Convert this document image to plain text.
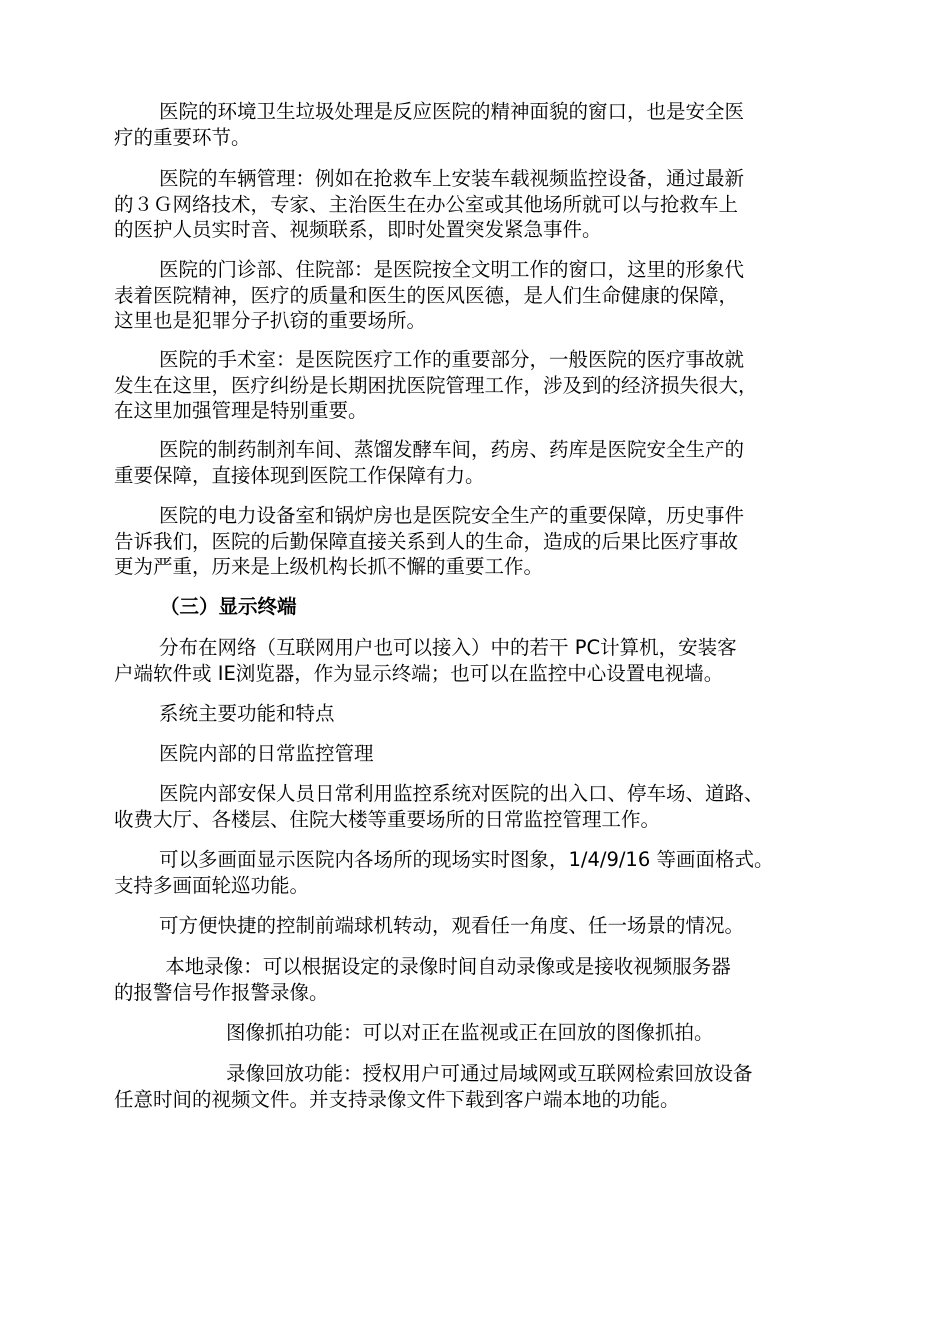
医院的环境卫生垃圾处理是反应医院的精神面貌的窗口，也是安全医
疗的重要环节。

医院的车辆管理：例如在抢救车上安装车载视频监控设备，通过最新
的３Ｇ网络技术，专家、主治医生在办公室或其他场所就可以与抢救车上
的医护人员实时音、视频联系，即时处置突发紧急事件。

医院的门诊部、住院部：是医院按全文明工作的窗口，这里的形象代
表着医院精神，医疗的质量和医生的医风医德，是人们生命健康的保障，
这里也是犯罪分子扒窃的重要场所。

医院的手术室：是医院医疗工作的重要部分，一般医院的医疗事故就
发生在这里，医疗纠纷是长期困扰医院管理工作，涉及到的经济损失很大，
在这里加强管理是特别重要。

医院的制药制剂车间、蒸馏发酵车间，药房、药库是医院安全生产的
重要保障，直接体现到医院工作保障有力。

医院的电力设备室和锅炉房也是医院安全生产的重要保障，历史事件
告诉我们，医院的后勤保障直接关系到人的生命，造成的后果比医疗事故
更为严重，历来是上级机构长抓不懈的重要工作。

（三）显示终端

分布在网络（互联网用户也可以接入）中的若干 PC计算机，安装客
户端软件或 IE浏览器，作为显示终端；也可以在监控中心设置电视墙。

系统主要功能和特点

医院内部的日常监控管理

医院内部安保人员日常利用监控系统对医院的出入口、停车场、道路、
收费大厅、各楼层、住院大楼等重要场所的日常监控管理工作。

可以多画面显示医院内各场所的现场实时图象，1/4/9/16 等画面格式。
支持多画面轮巡功能。

可方便快捷的控制前端球机转动，观看任一角度、任一场景的情况。

本地录像：可以根据设定的录像时间自动录像或是接收视频服务器
的报警信号作报警录像。

图像抓拍功能：可以对正在监视或正在回放的图像抓拍。

录像回放功能：授权用户可通过局域网或互联网检索回放设备
任意时间的视频文件。并支持录像文件下载到客户端本地的功能。
